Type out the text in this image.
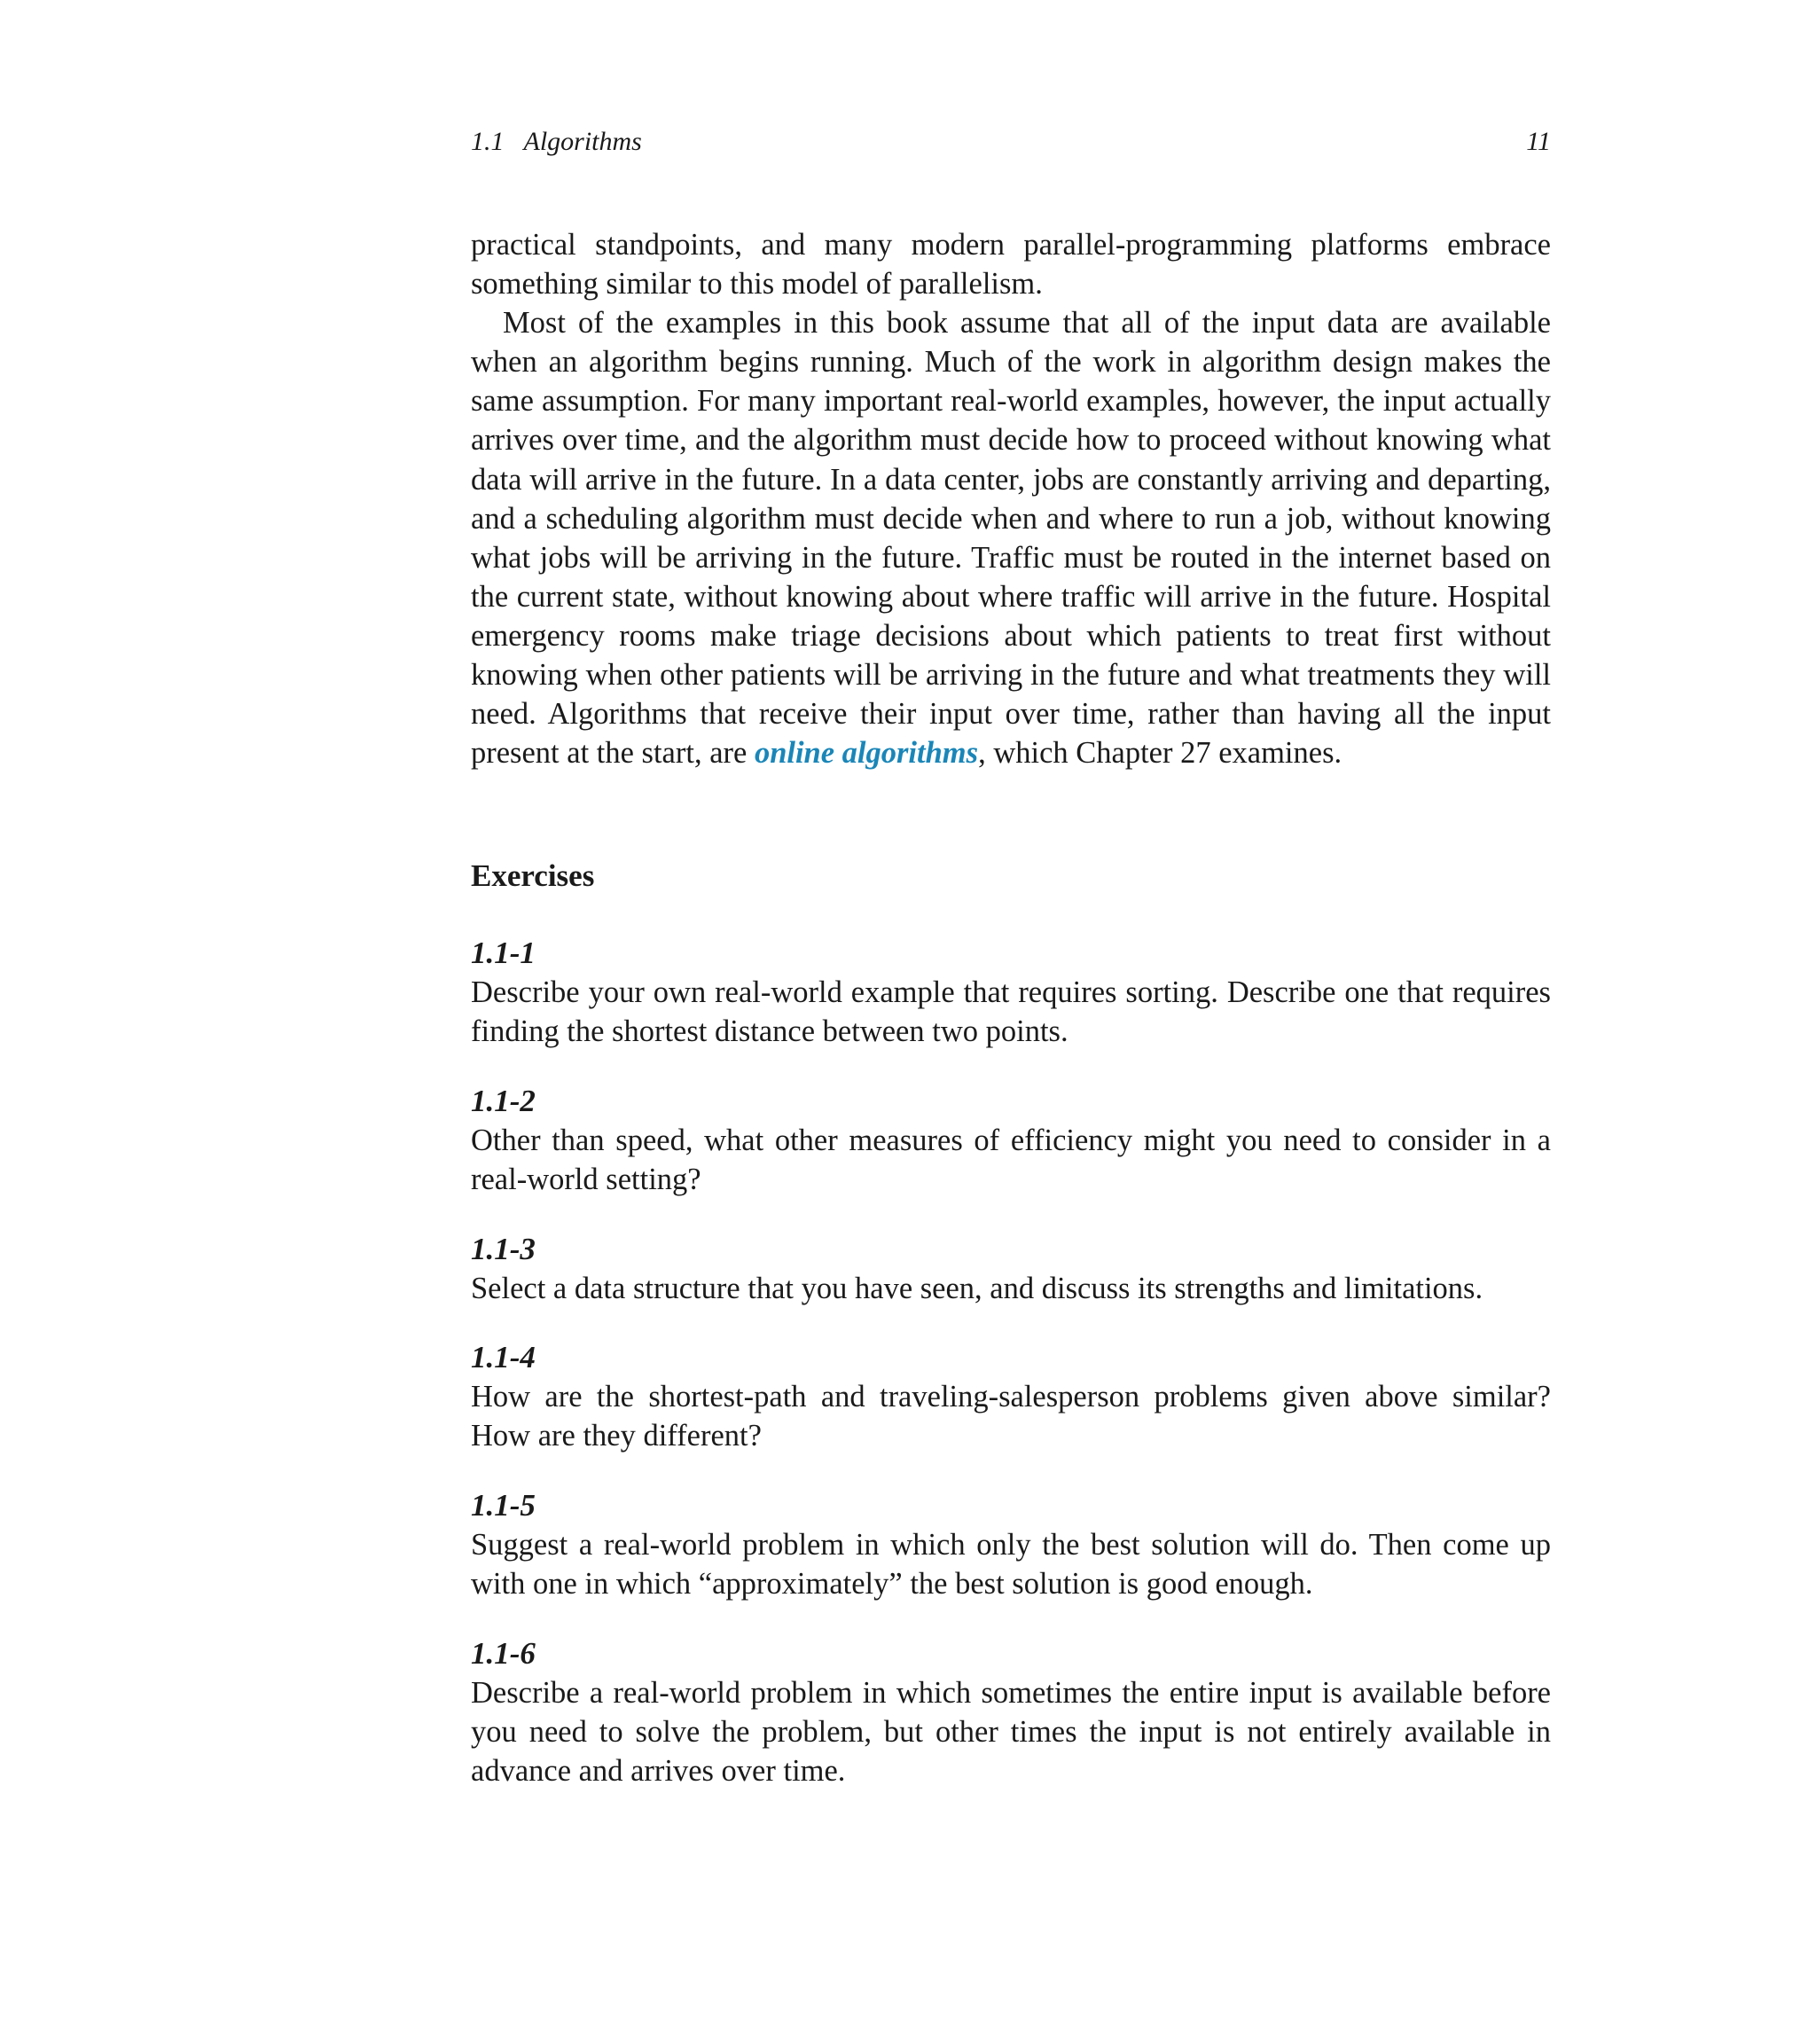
1.1 Algorithms	11

practical standpoints, and many modern parallel-programming platforms embrace something similar to this model of parallelism.

Most of the examples in this book assume that all of the input data are available when an algorithm begins running. Much of the work in algorithm design makes the same assumption. For many important real-world examples, however, the input actually arrives over time, and the algorithm must decide how to proceed without knowing what data will arrive in the future. In a data center, jobs are constantly arriving and departing, and a scheduling algorithm must decide when and where to run a job, without knowing what jobs will be arriving in the future. Traffic must be routed in the internet based on the current state, without knowing about where traffic will arrive in the future. Hospital emergency rooms make triage decisions about which patients to treat first without knowing when other patients will be arriving in the future and what treatments they will need. Algorithms that receive their input over time, rather than having all the input present at the start, are online algorithms, which Chapter 27 examines.

Exercises
1.1-1
Describe your own real-world example that requires sorting. Describe one that requires finding the shortest distance between two points.
1.1-2
Other than speed, what other measures of efficiency might you need to consider in a real-world setting?
1.1-3
Select a data structure that you have seen, and discuss its strengths and limitations.
1.1-4
How are the shortest-path and traveling-salesperson problems given above similar? How are they different?
1.1-5
Suggest a real-world problem in which only the best solution will do. Then come up with one in which “approximately” the best solution is good enough.
1.1-6
Describe a real-world problem in which sometimes the entire input is available before you need to solve the problem, but other times the input is not entirely available in advance and arrives over time.
